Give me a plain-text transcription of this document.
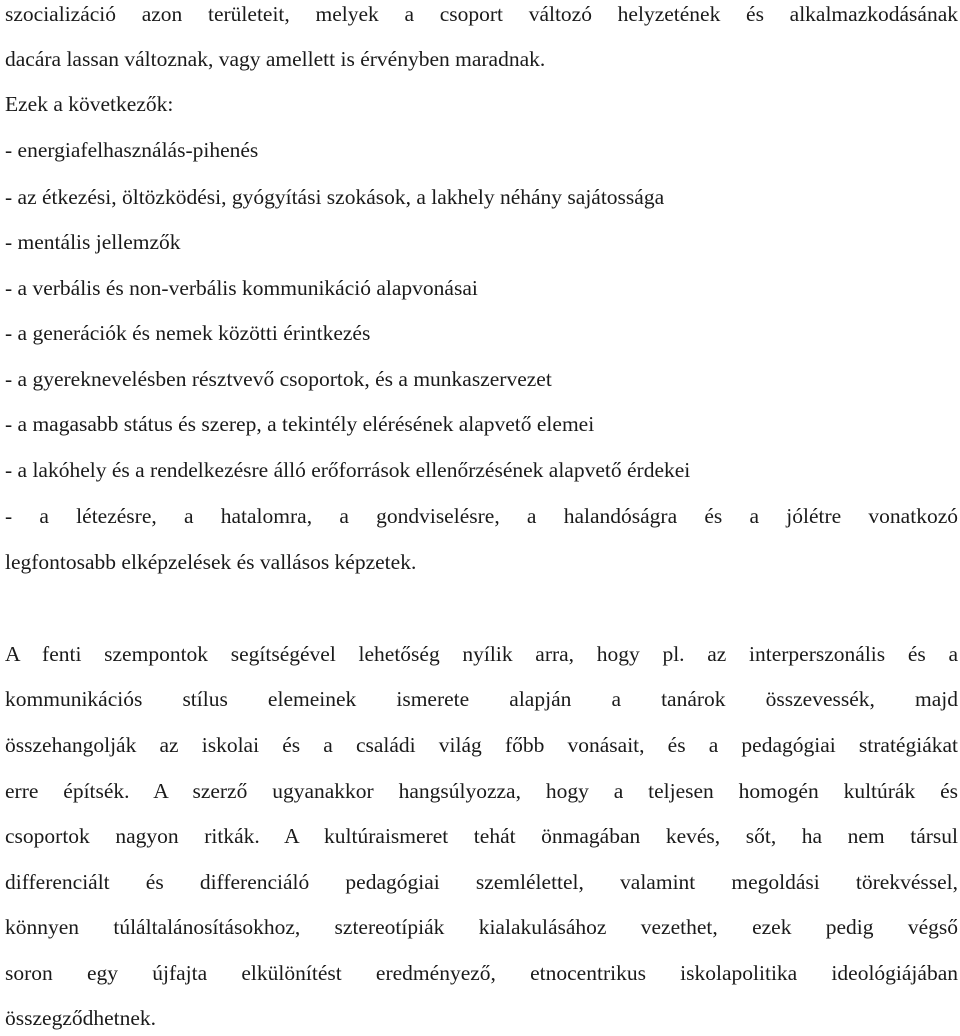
szocializáció azon területeit, melyek a csoport változó helyzetének és alkalmazkodásának
dacára lassan változnak, vagy amellett is érvényben maradnak.
Ezek a következők:
- energiafelhasználás-pihenés
- az étkezési, öltözködési, gyógyítási szokások, a lakhely néhány sajátossága
- mentális jellemzők
- a verbális és non-verbális kommunikáció alapvonásai
- a generációk és nemek közötti érintkezés
- a gyereknevelésben résztvevő csoportok, és a munkaszervezet
- a magasabb státus és szerep, a tekintély elérésének alapvető elemei
- a lakóhely és a rendelkezésre álló erőforrások ellenőrzésének alapvető érdekei
- a létezésre, a hatalomra, a gondviselésre, a halandóságra és a jólétre vonatkozó
legfontosabb elképzelések és vallásos képzetek.
A fenti szempontok segítségével lehetőség nyílik arra, hogy pl. az interperszonális és a
kommunikációs stílus elemeinek ismerete alapján a tanárok összevessék, majd
összehangolják az iskolai és a családi világ főbb vonásait, és a pedagógiai stratégiákat
erre építsék. A szerző ugyanakkor hangsúlyozza, hogy a teljesen homogén kultúrák és
csoportok nagyon ritkák. A kultúraismeret tehát önmagában kevés, sőt, ha nem társul
differenciált és differenciáló pedagógiai szemlélettel, valamint megoldási törekvéssel,
könnyen túláltalánosításokhoz, sztereotípiák kialakulásához vezethet, ezek pedig végső
soron egy újfajta elkülönítést eredményező, etnocentrikus iskolapolitika ideológiájában
összegződhetnek.
